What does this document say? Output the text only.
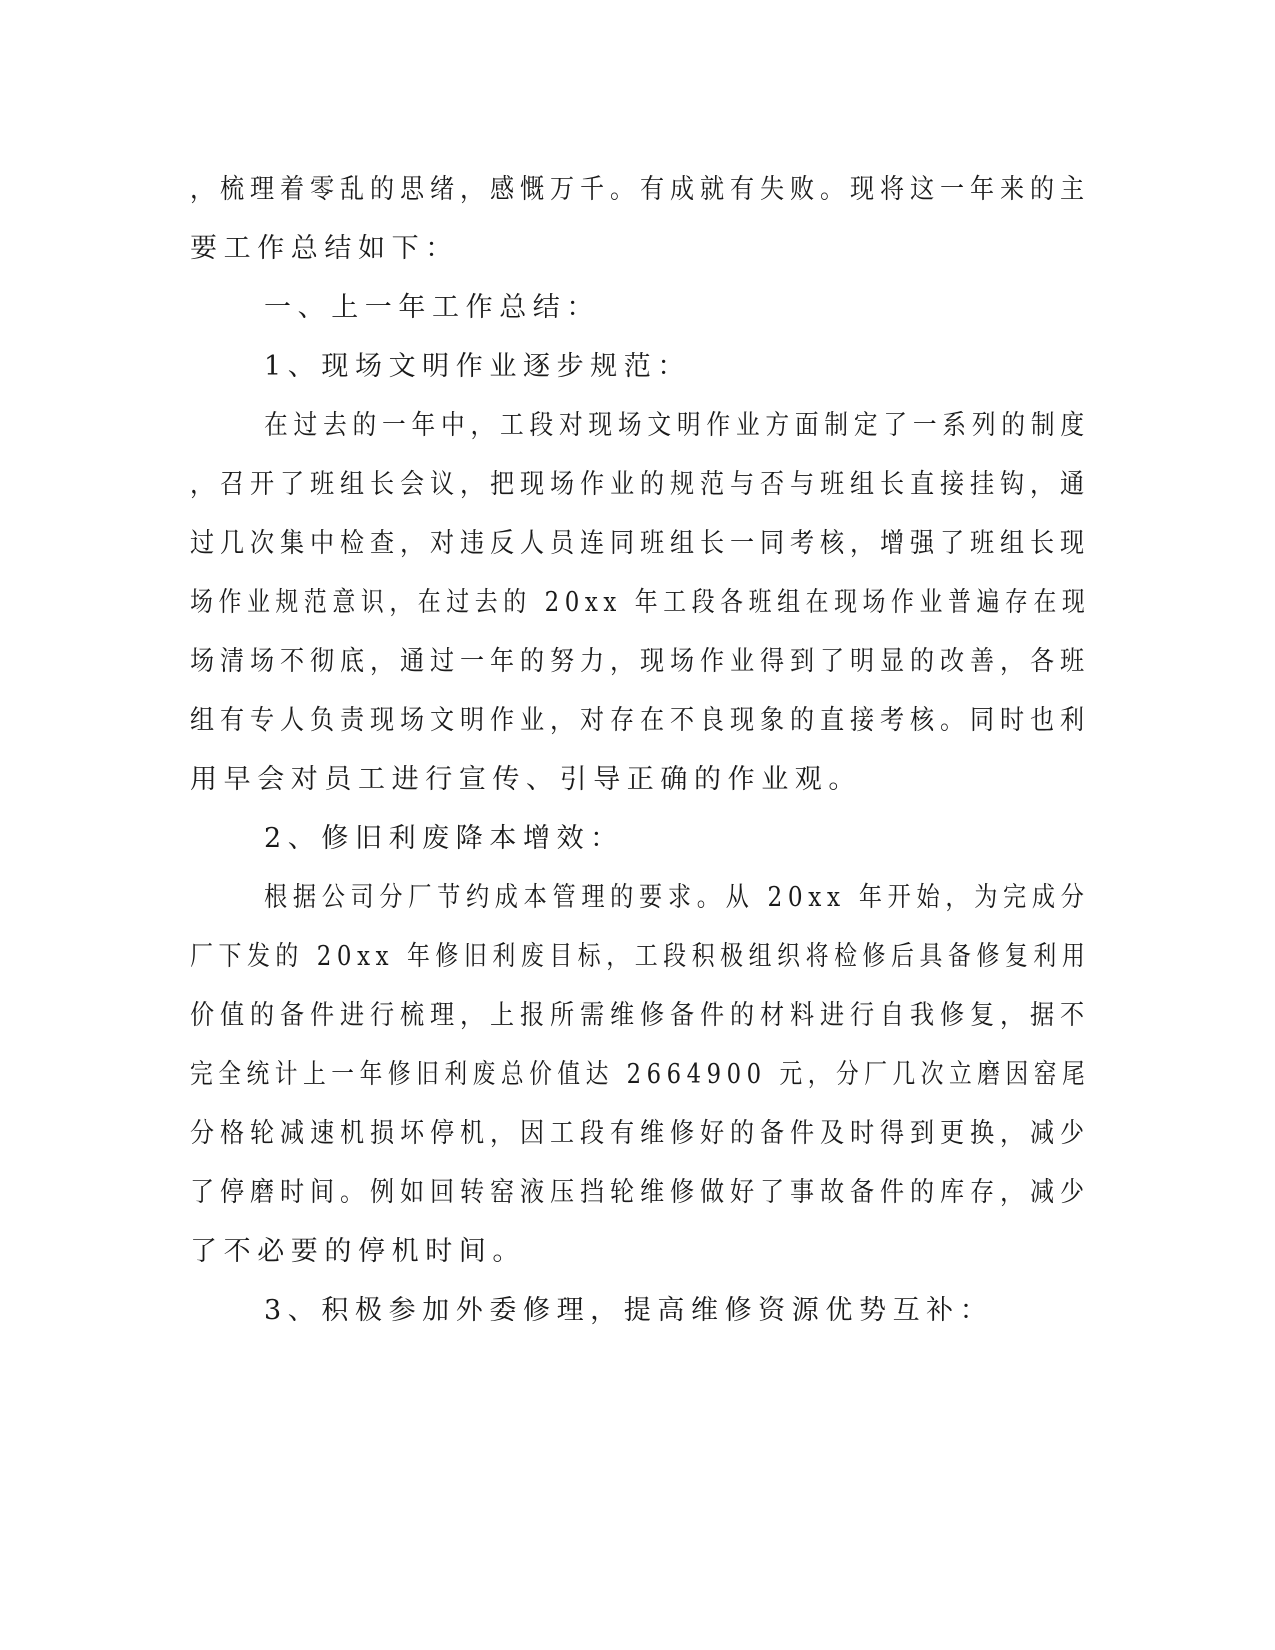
，梳理着零乱的思绪，感慨万千。有成就有失败。现将这一年来的主
要工作总结如下：
一、上一年工作总结：
1、现场文明作业逐步规范：
在过去的一年中，工段对现场文明作业方面制定了一系列的制度
，召开了班组长会议，把现场作业的规范与否与班组长直接挂钩，通
过几次集中检查，对违反人员连同班组长一同考核，增强了班组长现
场作业规范意识，在过去的 20xx 年工段各班组在现场作业普遍存在现
场清场不彻底，通过一年的努力，现场作业得到了明显的改善，各班
组有专人负责现场文明作业，对存在不良现象的直接考核。同时也利
用早会对员工进行宣传、引导正确的作业观。
2、修旧利废降本增效：
根据公司分厂节约成本管理的要求。从 20xx 年开始，为完成分
厂下发的 20xx 年修旧利废目标，工段积极组织将检修后具备修复利用
价值的备件进行梳理，上报所需维修备件的材料进行自我修复，据不
完全统计上一年修旧利废总价值达 2664900 元，分厂几次立磨因窑尾
分格轮减速机损坏停机，因工段有维修好的备件及时得到更换，减少
了停磨时间。例如回转窑液压挡轮维修做好了事故备件的库存，减少
了不必要的停机时间。
3、积极参加外委修理，提高维修资源优势互补：
